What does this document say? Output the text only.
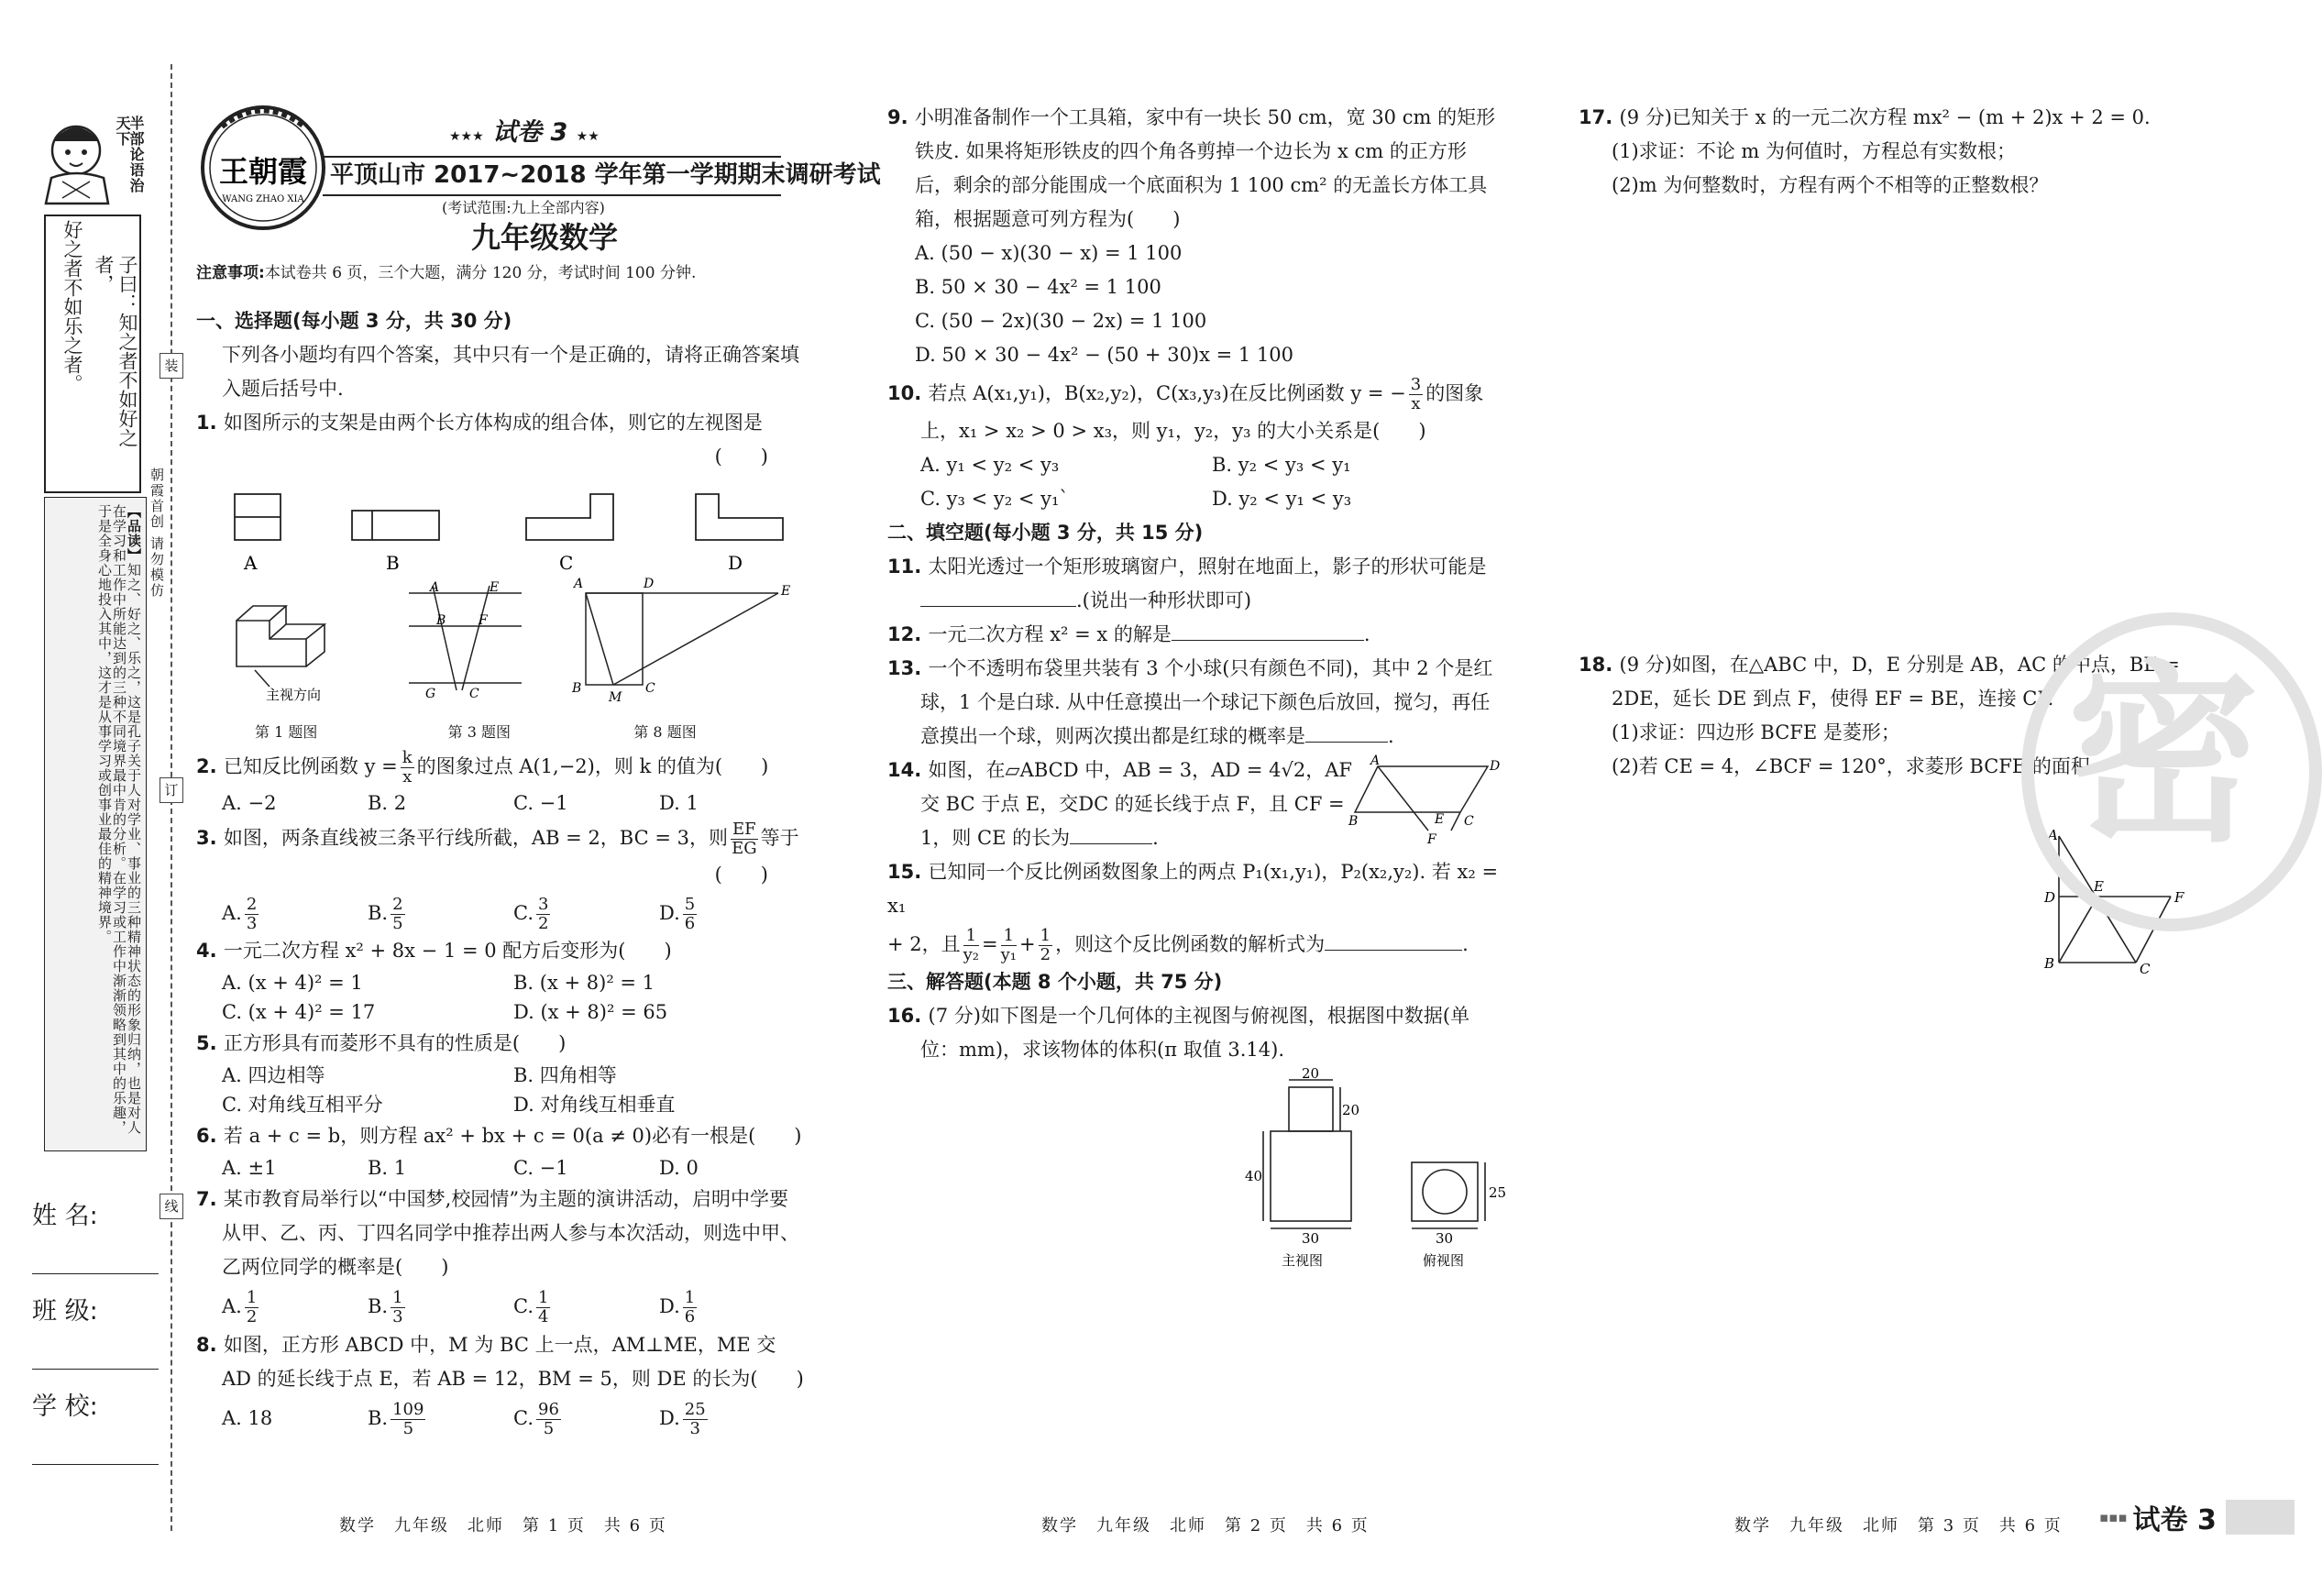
半部论语治天下
子曰：知之者不如好之者，
好之者不如乐之者。
【品读】知之、好之、乐之，这是孔子关于人对学业、事业的三种精神状态的形象归纳，也是对人在学习和工作中所能达到的三种不同境界最中肯的分析。在学习或工作中渐渐领略到其中的乐趣，于是全身心地投入其中，这才是从事学习或创事业最佳的精神境界。	朝霞首创 请勿模仿
姓 名:
班 级:
学 校:
装
订
线
王朝霞
WANG ZHAO XIA
★★★ 试卷 3 ★★
平顶山市 2017~2018 学年第一学期期末调研考试
(考试范围:九上全部内容)
九年级数学
注意事项:本试卷共 6 页，三个大题，满分 120 分，考试时间 100 分钟.
一、选择题(每小题 3 分，共 30 分)
下列各小题均有四个答案，其中只有一个是正确的，请将正确答案填入题后括号中.
1. 如图所示的支架是由两个长方体构成的组合体，则它的左视图是
(　　)
A	B	C	D
主视方向
A	E
B	F
G	C
A	D	E
B
M
C
第 1 题图	第 3 题图	第 8 题图
2. 已知反比例函数 $y = \frac{k}{x}$ 的图象过点 A(1,−2)，则 k 的值为(　　)
A. −2	B. 2	C. −1	D. 1
3. 如图，两条直线被三条平行线所截，AB = 2，BC = 3，则 $\frac{EF}{EG}$ 等于
(　　)
A. $\frac{2}{3}$	B. $\frac{2}{5}$	C. $\frac{3}{2}$	D. $\frac{5}{6}$
4. 一元二次方程 x² + 8x − 1 = 0 配方后变形为(　　)
A. (x + 4)² = 1	B. (x + 8)² = 1
C. (x + 4)² = 17	D. (x + 8)² = 65
5. 正方形具有而菱形不具有的性质是(　　)
A. 四边相等	B. 四角相等
C. 对角线互相平分	D. 对角线互相垂直
6. 若 a + c = b，则方程 ax² + bx + c = 0(a ≠ 0)必有一根是(　　)
A. ±1	B. 1	C. −1	D. 0
7. 某市教育局举行以“中国梦,校园情”为主题的演讲活动，启明中学要从甲、乙、丙、丁四名同学中推荐出两人参与本次活动，则选中甲、乙两位同学的概率是(　　)
A. $\frac{1}{2}$	B. $\frac{1}{3}$	C. $\frac{1}{4}$	D. $\frac{1}{6}$
8. 如图，正方形 ABCD 中，M 为 BC 上一点，AM⊥ME，ME 交 AD 的延长线于点 E，若 AB = 12，BM = 5，则 DE 的长为(　　)
A. 18	B. $\frac{109}{5}$	C. $\frac{96}{5}$	D. $\frac{25}{3}$
9. 小明准备制作一个工具箱，家中有一块长 50 cm，宽 30 cm 的矩形铁皮. 如果将矩形铁皮的四个角各剪掉一个边长为 x cm 的正方形后，剩余的部分能围成一个底面积为 1 100 cm² 的无盖长方体工具箱，根据题意可列方程为(　　)
A. (50 − x)(30 − x) = 1 100
B. 50 × 30 − 4x² = 1 100
C. (50 − 2x)(30 − 2x) = 1 100
D. 50 × 30 − 4x² − (50 + 30)x = 1 100
10. 若点 A(x₁,y₁)，B(x₂,y₂)，C(x₃,y₃)在反比例函数 y = − $\frac{3}{x}$ 的图象
上，x₁ > x₂ > 0 > x₃，则 y₁，y₂，y₃ 的大小关系是(　　)
A. y₁ < y₂ < y₃	B. y₂ < y₃ < y₁
C. y₃ < y₂ < y₁`	D. y₂ < y₁ < y₃
二、填空题(每小题 3 分，共 15 分)
11. 太阳光透过一个矩形玻璃窗户，照射在地面上，影子的形状可能是.(说出一种形状即可)
12. 一元二次方程 x² = x 的解是	.
13. 一个不透明布袋里共装有 3 个小球(只有颜色不同)，其中 2 个是红球，1 个是白球. 从中任意摸出一个球记下颜色后放回，搅匀，再任意摸出一个球，则两次摸出都是红球的概率是	.
14. 如图，在▱ABCD 中，AB = 3，AD = 4√2，AF
交 BC 于点 E，交DC 的延长线于点 F，且 CF =
1，则 CE 的长为	.
A	D
B	E C
F
15. 已知同一个反比例函数图象上的两点 P₁(x₁,y₁)，P₂(x₂,y₂). 若 x₂ = x₁
+ 2，且 $\frac{1}{\text{y₂}} = \frac{1}{\text{y₁}} + \frac{1}{2}$ ，则这个反比例函数的解析式为	.
三、解答题(本题 8 个小题，共 75 分)
16. (7 分)如下图是一个几何体的主视图与俯视图，根据图中数据(单位：mm)，求该物体的体积(π 取值 3.14).
20
20
40
30	30
25
主视图	俯视图
17. (9 分)已知关于 x 的一元二次方程 mx² − (m + 2)x + 2 = 0.
(1)求证：不论 m 为何值时，方程总有实数根；
(2)m 为何整数时，方程有两个不相等的正整数根？
18. (9 分)如图，在△ABC 中，D，E 分别是 AB，AC 的中点，BE = 2DE，延长 DE 到点 F，使得 EF = BE，连接 CF.
(1)求证：四边形 BCFE 是菱形；
(2)若 CE = 4，∠BCF = 120°，求菱形 BCFE 的面积.
A
D
E
F
B	C
密
数学　九年级　北师　第 1 页　共 6 页	数学　九年级　北师　第 2 页　共 6 页	数学　九年级　北师　第 3 页　共 6 页	▪▪▪ 试卷 3
